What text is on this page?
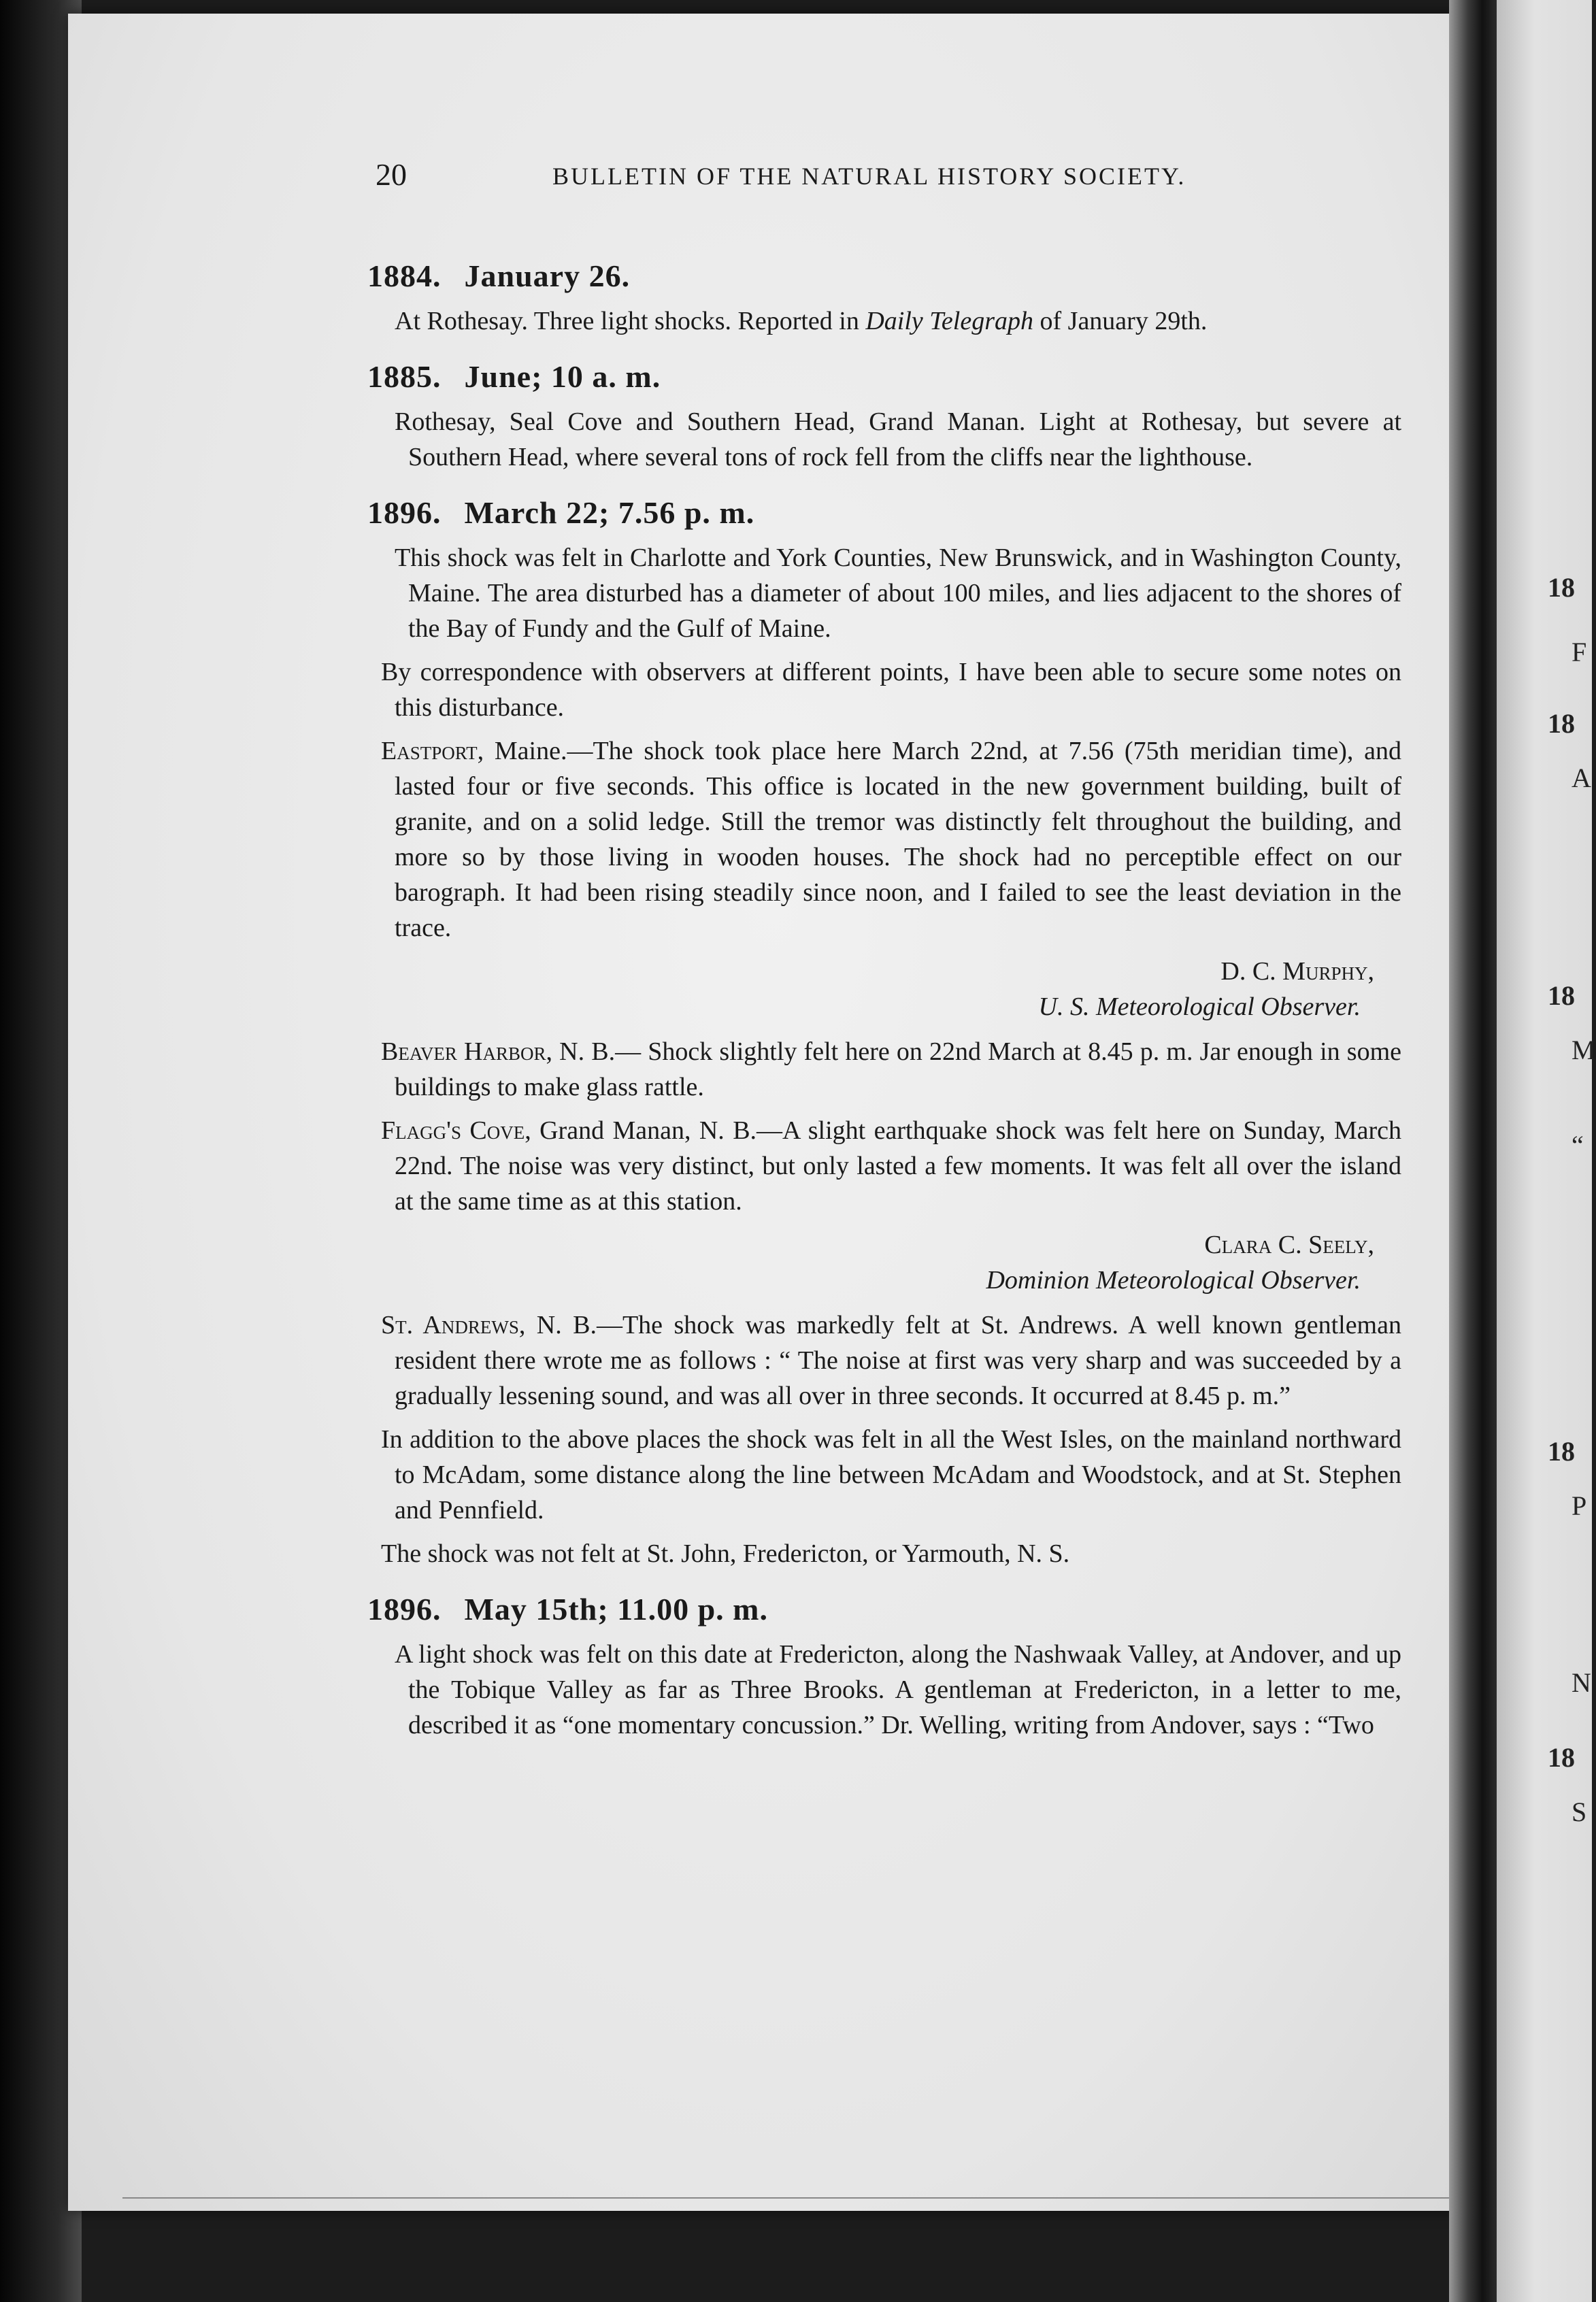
20	BULLETIN OF THE NATURAL HISTORY SOCIETY.
1884. January 26.

At Rothesay. Three light shocks. Reported in Daily Telegraph of January 29th.

1885. June; 10 a. m.

Rothesay, Seal Cove and Southern Head, Grand Manan. Light at Rothesay, but severe at Southern Head, where several tons of rock fell from the cliffs near the lighthouse.

1896. March 22; 7.56 p. m.

This shock was felt in Charlotte and York Counties, New Brunswick, and in Washington County, Maine. The area disturbed has a diameter of about 100 miles, and lies adjacent to the shores of the Bay of Fundy and the Gulf of Maine.

By correspondence with observers at different points, I have been able to secure some notes on this disturbance.

Eastport, Maine.—The shock took place here March 22nd, at 7.56 (75th meridian time), and lasted four or five seconds. This office is located in the new government building, built of granite, and on a solid ledge. Still the tremor was distinctly felt throughout the building, and more so by those living in wooden houses. The shock had no perceptible effect on our barograph. It had been rising steadily since noon, and I failed to see the least deviation in the trace.

D. C. Murphy,

U. S. Meteorological Observer.

Beaver Harbor, N. B.— Shock slightly felt here on 22nd March at 8.45 p. m. Jar enough in some buildings to make glass rattle.

Flagg's Cove, Grand Manan, N. B.—A slight earthquake shock was felt here on Sunday, March 22nd. The noise was very distinct, but only lasted a few moments. It was felt all over the island at the same time as at this station.

Clara C. Seely,

Dominion Meteorological Observer.

St. Andrews, N. B.—The shock was markedly felt at St. Andrews. A well known gentleman resident there wrote me as follows : “ The noise at first was very sharp and was succeeded by a gradually lessening sound, and was all over in three seconds. It occurred at 8.45 p. m.”

In addition to the above places the shock was felt in all the West Isles, on the mainland northward to McAdam, some distance along the line between McAdam and Woodstock, and at St. Stephen and Pennfield.

The shock was not felt at St. John, Fredericton, or Yarmouth, N. S.

1896. May 15th; 11.00 p. m.

A light shock was felt on this date at Fredericton, along the Nashwaak Valley, at Andover, and up the Tobique Valley as far as Three Brooks. A gentleman at Fredericton, in a letter to me, described it as “one momentary concussion.” Dr. Welling, writing from Andover, says : “Two

18
F
18
A
18
M
“
18
P
N
18
S
